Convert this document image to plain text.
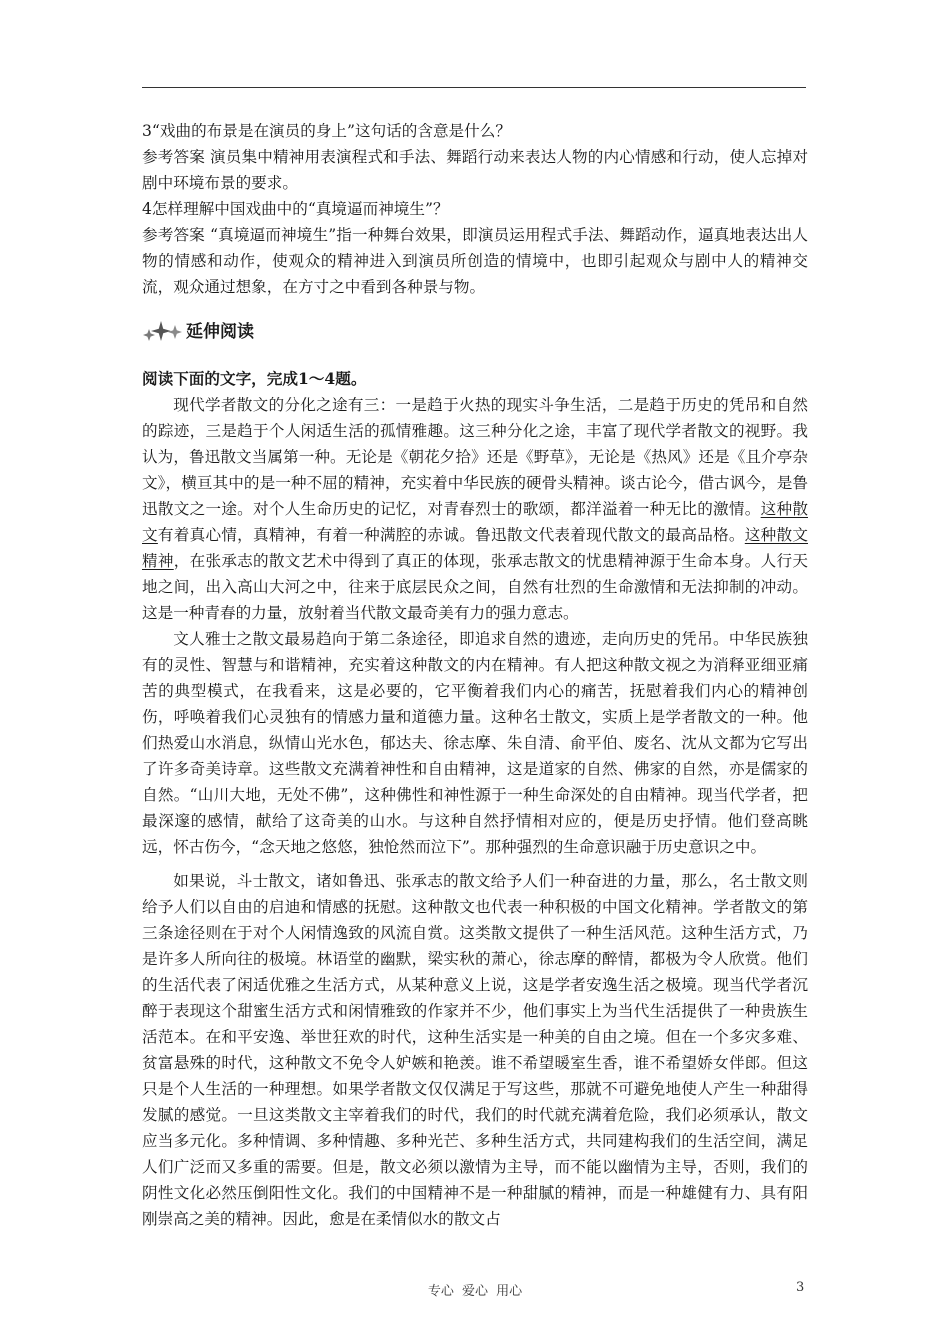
3“戏曲的布景是在演员的身上”这句话的含意是什么？

参考答案 演员集中精神用表演程式和手法、舞蹈行动来表达人物的内心情感和行动，使人忘掉对剧中环境布景的要求。

4怎样理解中国戏曲中的“真境逼而神境生”？

参考答案 “真境逼而神境生”指一种舞台效果，即演员运用程式手法、舞蹈动作，逼真地表达出人物的情感和动作，使观众的精神进入到演员所创造的情境中，也即引起观众与剧中人的精神交流，观众通过想象，在方寸之中看到各种景与物。

延伸阅读

阅读下面的文字，完成1～4题。

现代学者散文的分化之途有三：一是趋于火热的现实斗争生活，二是趋于历史的凭吊和自然的踪迹，三是趋于个人闲适生活的孤情雅趣。这三种分化之途，丰富了现代学者散文的视野。我认为，鲁迅散文当属第一种。无论是《朝花夕拾》还是《野草》，无论是《热风》还是《且介亭杂文》，横亘其中的是一种不屈的精神，充实着中华民族的硬骨头精神。谈古论今，借古讽今，是鲁迅散文之一途。对个人生命历史的记忆，对青春烈士的歌颂，都洋溢着一种无比的激情。这种散文有着真心情，真精神，有着一种满腔的赤诚。鲁迅散文代表着现代散文的最高品格。这种散文精神，在张承志的散文艺术中得到了真正的体现，张承志散文的忧患精神源于生命本身。人行天地之间，出入高山大河之中，往来于底层民众之间，自然有壮烈的生命激情和无法抑制的冲动。这是一种青春的力量，放射着当代散文最奇美有力的强力意志。

文人雅士之散文最易趋向于第二条途径，即追求自然的遗迹，走向历史的凭吊。中华民族独有的灵性、智慧与和谐精神，充实着这种散文的内在精神。有人把这种散文视之为消释亚细亚痛苦的典型模式，在我看来，这是必要的，它平衡着我们内心的痛苦，抚慰着我们内心的精神创伤，呼唤着我们心灵独有的情感力量和道德力量。这种名士散文，实质上是学者散文的一种。他们热爱山水消息，纵情山光水色，郁达夫、徐志摩、朱自清、俞平伯、废名、沈从文都为它写出了许多奇美诗章。这些散文充满着神性和自由精神，这是道家的自然、佛家的自然，亦是儒家的自然。“山川大地，无处不佛”，这种佛性和神性源于一种生命深处的自由精神。现当代学者，把最深邃的感情，献给了这奇美的山水。与这种自然抒情相对应的，便是历史抒情。他们登高眺远，怀古伤今，“念天地之悠悠，独怆然而泣下”。那种强烈的生命意识融于历史意识之中。

如果说，斗士散文，诸如鲁迅、张承志的散文给予人们一种奋进的力量，那么，名士散文则给予人们以自由的启迪和情感的抚慰。这种散文也代表一种积极的中国文化精神。学者散文的第三条途径则在于对个人闲情逸致的风流自赏。这类散文提供了一种生活风范。这种生活方式，乃是许多人所向往的极境。林语堂的幽默，梁实秋的萧心，徐志摩的醉情，都极为令人欣赏。他们的生活代表了闲适优雅之生活方式，从某种意义上说，这是学者安逸生活之极境。现当代学者沉醉于表现这个甜蜜生活方式和闲情雅致的作家并不少，他们事实上为当代生活提供了一种贵族生活范本。在和平安逸、举世狂欢的时代，这种生活实是一种美的自由之境。但在一个多灾多难、贫富悬殊的时代，这种散文不免令人妒嫉和艳羡。谁不希望暖室生香，谁不希望娇女伴郎。但这只是个人生活的一种理想。如果学者散文仅仅满足于写这些，那就不可避免地使人产生一种甜得发腻的感觉。一旦这类散文主宰着我们的时代，我们的时代就充满着危险，我们必须承认，散文应当多元化。多种情调、多种情趣、多种光芒、多种生活方式，共同建构我们的生活空间，满足人们广泛而又多重的需要。但是，散文必须以激情为主导，而不能以幽情为主导，否则，我们的阴性文化必然压倒阳性文化。我们的中国精神不是一种甜腻的精神，而是一种雄健有力、具有阳刚崇高之美的精神。因此，愈是在柔情似水的散文占

专心 爱心 用心	3
